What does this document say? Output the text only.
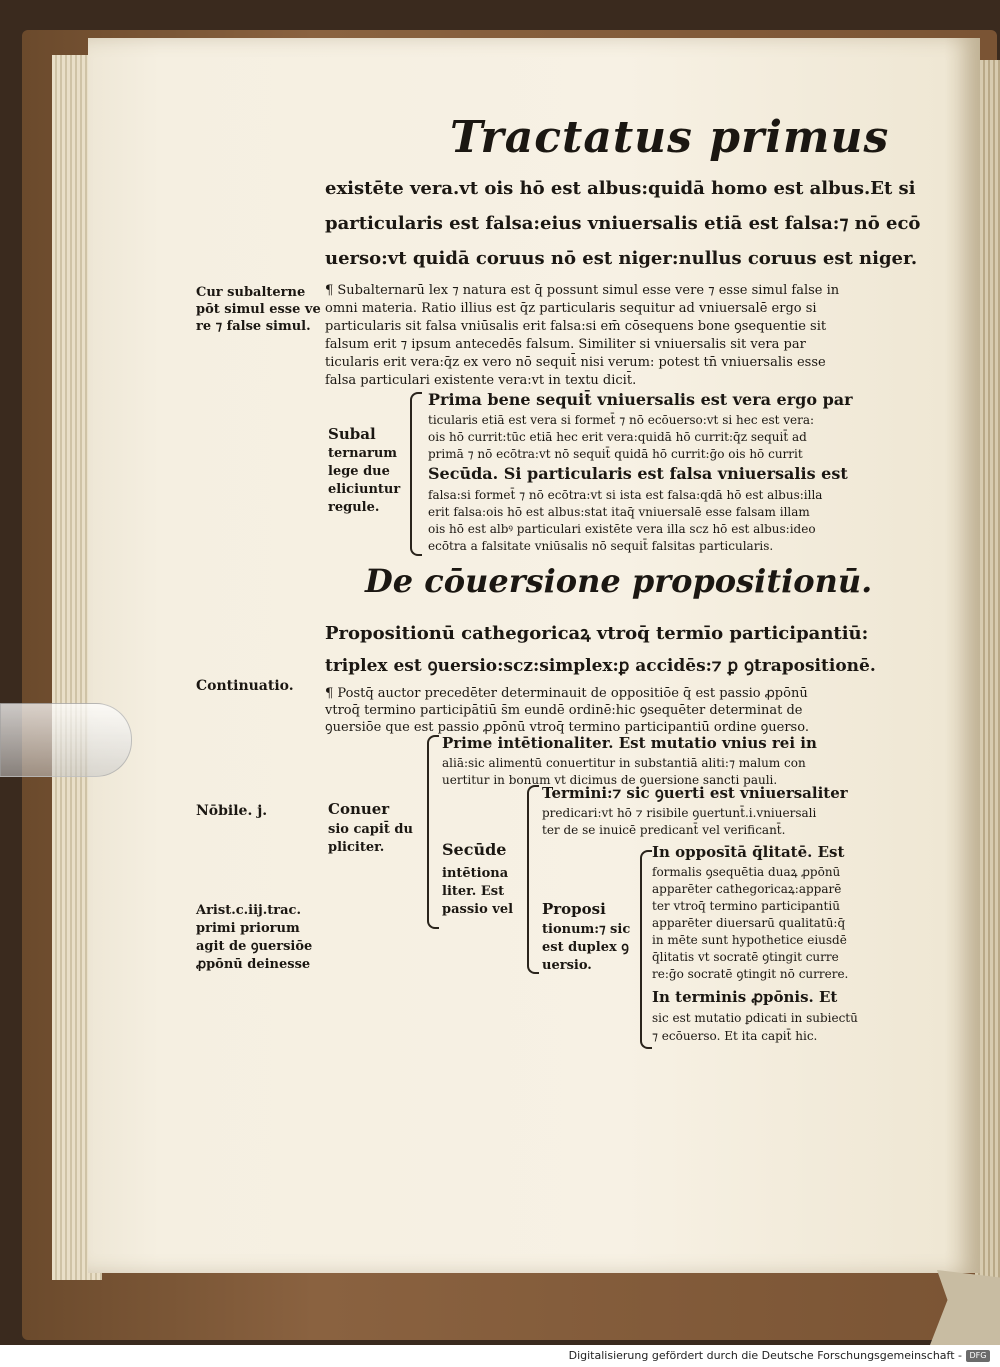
Tractatus primus
existēte vera.vt ois hō est albus:quidā homo est albus.Et si
particularis est falsa:eius vniuersalis etiā est falsa:⁊ nō ecō
uerso:vt quidā coruus nō est niger:nullus coruus est niger.
¶ Subalternarū lex ⁊ natura est q̄ possunt simul esse vere ⁊ esse simul false in
omni materia. Ratio illius est q̄z particularis sequitur ad vniuersalē ergo si
particularis sit falsa vniūsalis erit falsa:si em̄ cōsequens bone ꝯsequentie sit
falsum erit ⁊ ipsum antecedēs falsum. Similiter si vniuersalis sit vera par
ticularis erit vera:q̄z ex vero nō sequit̄ nisi verum: potest tn̄ vniuersalis esse
falsa particulari existente vera:vt in textu dicit̄.
Subal
ternarum
lege due
eliciuntur
regule.
Prima bene sequit̄ vniuersalis est vera ergo par
ticularis etiā est vera si formet̄ ⁊ nō ecōuerso:vt si hec est vera:
ois hō currit:tūc etiā hec erit vera:quidā hō currit:q̄z sequit̄ ad
primā ⁊ nō ecōtra:vt nō sequit̄ quidā hō currit:ḡo ois hō currit
Secūda. Si particularis est falsa vniuersalis est
falsa:si formet̄ ⁊ nō ecōtra:vt si ista est falsa:qdā hō est albus:illa
erit falsa:ois hō est albus:stat itaq̄ vniuersalē esse falsam illam
ois hō est albꝰ particulari existēte vera illa scz hō est albus:ideo
ecōtra a falsitate vniūsalis nō sequit̄ falsitas particularis.
De cōuersione propositionū.
Propositionū cathegoricaꝝ vtroq̄ termīo participantiū:
triplex est ꝯuersio:scz:simplex:ꝑ accidēs:⁊ ꝑ ꝯtrapositionē.
¶ Postq̄ auctor precedēter determinauit de oppositiōe q̄ est passio ꝓpōnū
vtroq̄ termino participātiū s̄m eundē ordinē:hic ꝯsequēter determinat de
ꝯuersiōe que est passio ꝓpōnū vtroq̄ termino participantiū ordine ꝯuerso.
Conuer
sio capit̄ du
pliciter.
Prime intētionaliter. Est mutatio vnius rei in
aliā:sic alimentū conuertitur in substantiā aliti:⁊ malum con
uertitur in bonum vt dicimus de ꝯuersione sancti pauli.
Secūde
intētiona
liter. Est
passio vel
Termini:⁊ sic ꝯuerti est vniuersaliter
predicari:vt hō ⁊ risibile ꝯuertunt̄.i.vniuersali
ter de se inuicē predicant̄ vel verificant̄.
Proposi
tionum:⁊ sic
est duplex ꝯ
uersio.
In opposītā q̄litatē. Est
formalis ꝯsequētia duaꝝ ꝓpōnū
apparēter cathegoricaꝝ:apparē
ter vtroq̄ termino participantiū
apparēter diuersarū qualitatū:q̄
in mēte sunt hypothetice eiusdē
q̄litatis vt socratē ꝯtingit curre
re:ḡo socratē ꝯtingit nō currere.
In terminis ꝓpōnis. Et
sic est mutatio ꝑdicati in subiectū
⁊ ecōuerso. Et ita capit̄ hic.
Cur subalterne
pōt simul esse ve
re ⁊ false simul.
Continuatio.
Nōbile. j.
Arist.c.iij.trac.
primi priorum
agit de ꝯuersiōe
ꝓpōnū deinesse
Digitalisierung gefördert durch die Deutsche Forschungsgemeinschaft - DFG
